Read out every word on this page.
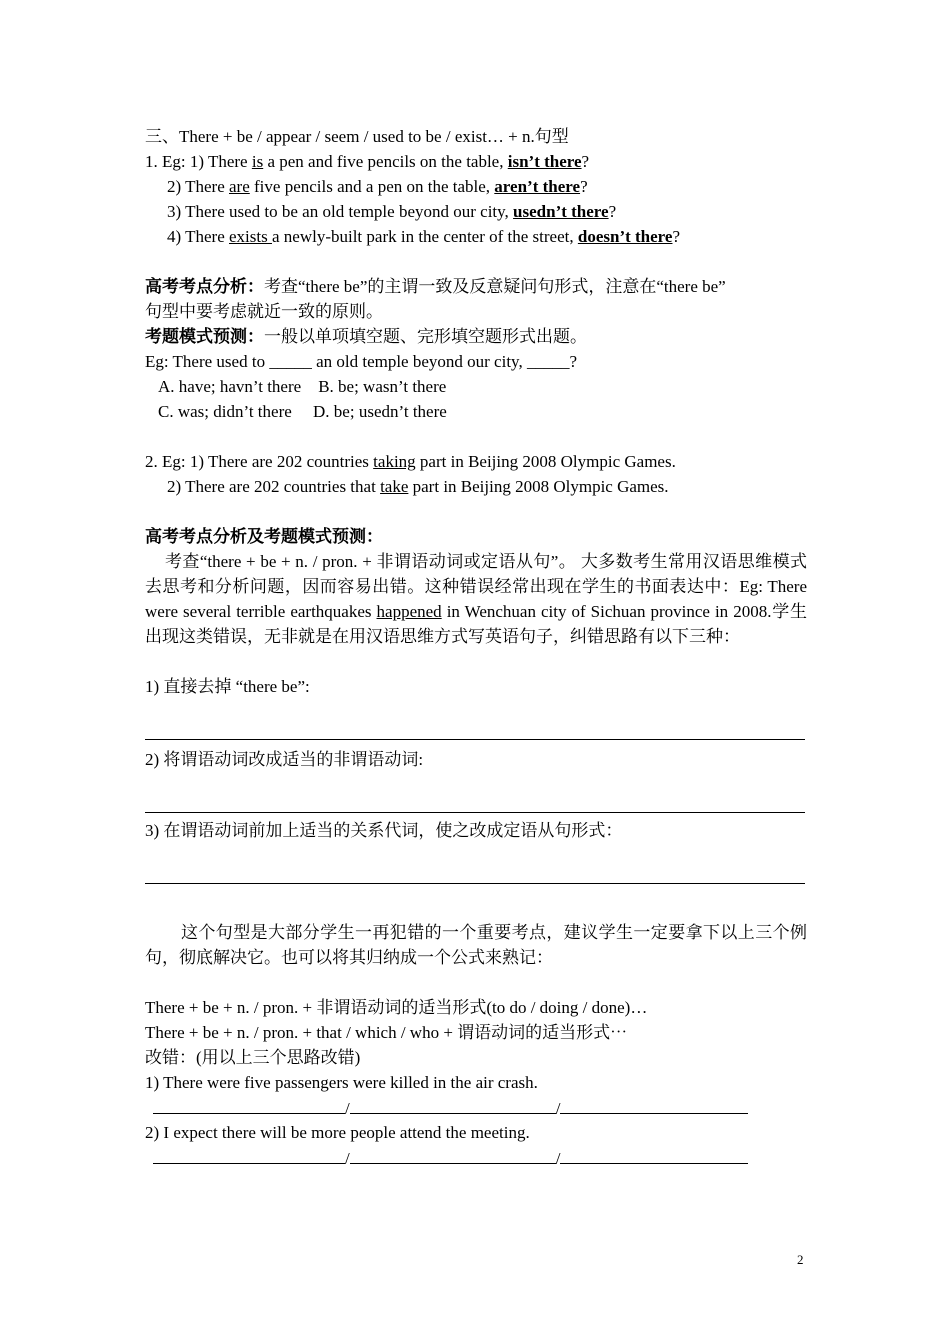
三、There + be / appear / seem / used to be / exist… + n.句型
1. Eg: 1) There is a pen and five pencils on the table, isn’t there?
2) There are five pencils and a pen on the table, aren’t there?
3) There used to be an old temple beyond our city, usedn’t there?
4) There exists a newly-built park in the center of the street, doesn’t there?
高考考点分析：考查“there be”的主谓一致及反意疑问句形式，注意在“there be”
句型中要考虑就近一致的原则。
考题模式预测：一般以单项填空题、完形填空题形式出题。
Eg: There used to _____ an old temple beyond our city, _____?
A. have; havn’t there B. be; wasn’t there
C. was; didn’t there D. be; usedn’t there
2. Eg: 1) There are 202 countries taking part in Beijing 2008 Olympic Games.
2) There are 202 countries that take part in Beijing 2008 Olympic Games.
高考考点分析及考题模式预测：
考查“there + be + n. / pron. + 非谓语动词或定语从句”。 大多数考生常用汉语思维模式去思考和分析问题，因而容易出错。这种错误经常出现在学生的书面表达中：Eg: There were several terrible earthquakes happened in Wenchuan city of Sichuan province in 2008.学生出现这类错误，无非就是在用汉语思维方式写英语句子，纠错思路有以下三种：
1) 直接去掉 “there be”:
2) 将谓语动词改成适当的非谓语动词:
3) 在谓语动词前加上适当的关系代词，使之改成定语从句形式：
这个句型是大部分学生一再犯错的一个重要考点，建议学生一定要拿下以上三个例句，彻底解决它。也可以将其归纳成一个公式来熟记：
There + be + n. / pron. + 非谓语动词的适当形式(to do / doing / done)…
There + be + n. / pron. + that / which / who + 谓语动词的适当形式⋯
改错：(用以上三个思路改错)
1) There were five passengers were killed in the air crash.
/	/
2) I expect there will be more people attend the meeting.
/	/
2
